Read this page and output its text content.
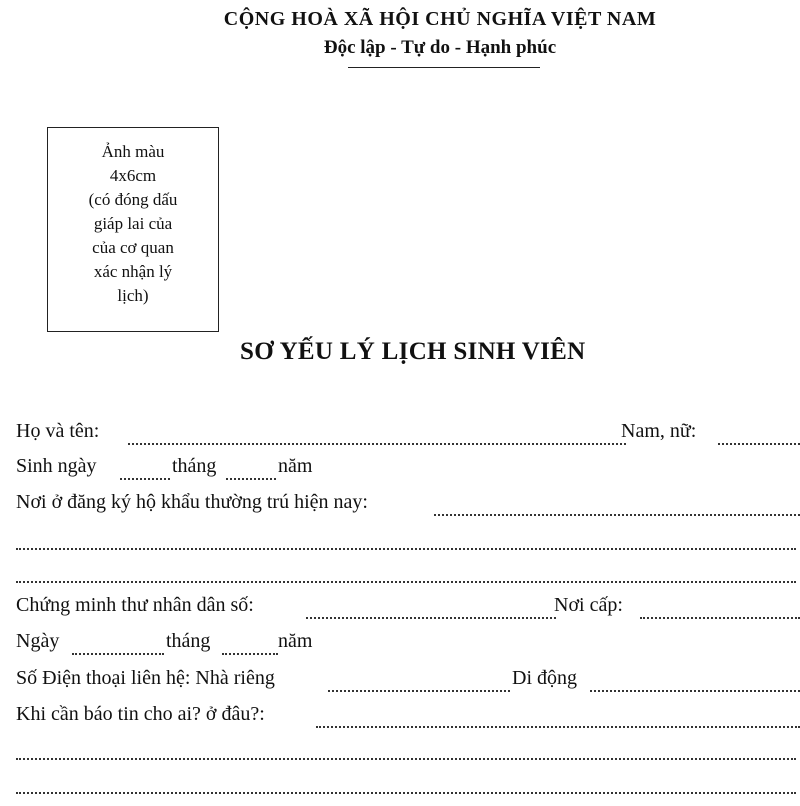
CỘNG HOÀ XÃ HỘI CHỦ NGHĨA VIỆT NAM
Độc lập - Tự do - Hạnh phúc
Ảnh màu
4x6cm
(có đóng dấu
giáp lai của
của cơ quan
xác nhận lý
lịch)
SƠ YẾU LÝ LỊCH SINH VIÊN
Họ và tên:	Nam, nữ:
Sinh ngày	tháng	năm
Nơi ở đăng ký hộ khẩu thường trú hiện nay:
Chứng minh thư nhân dân số:	Nơi cấp:
Ngày	tháng	năm
Số Điện thoại liên hệ: Nhà riêng	Di động
Khi cần báo tin cho ai? ở đâu?:
